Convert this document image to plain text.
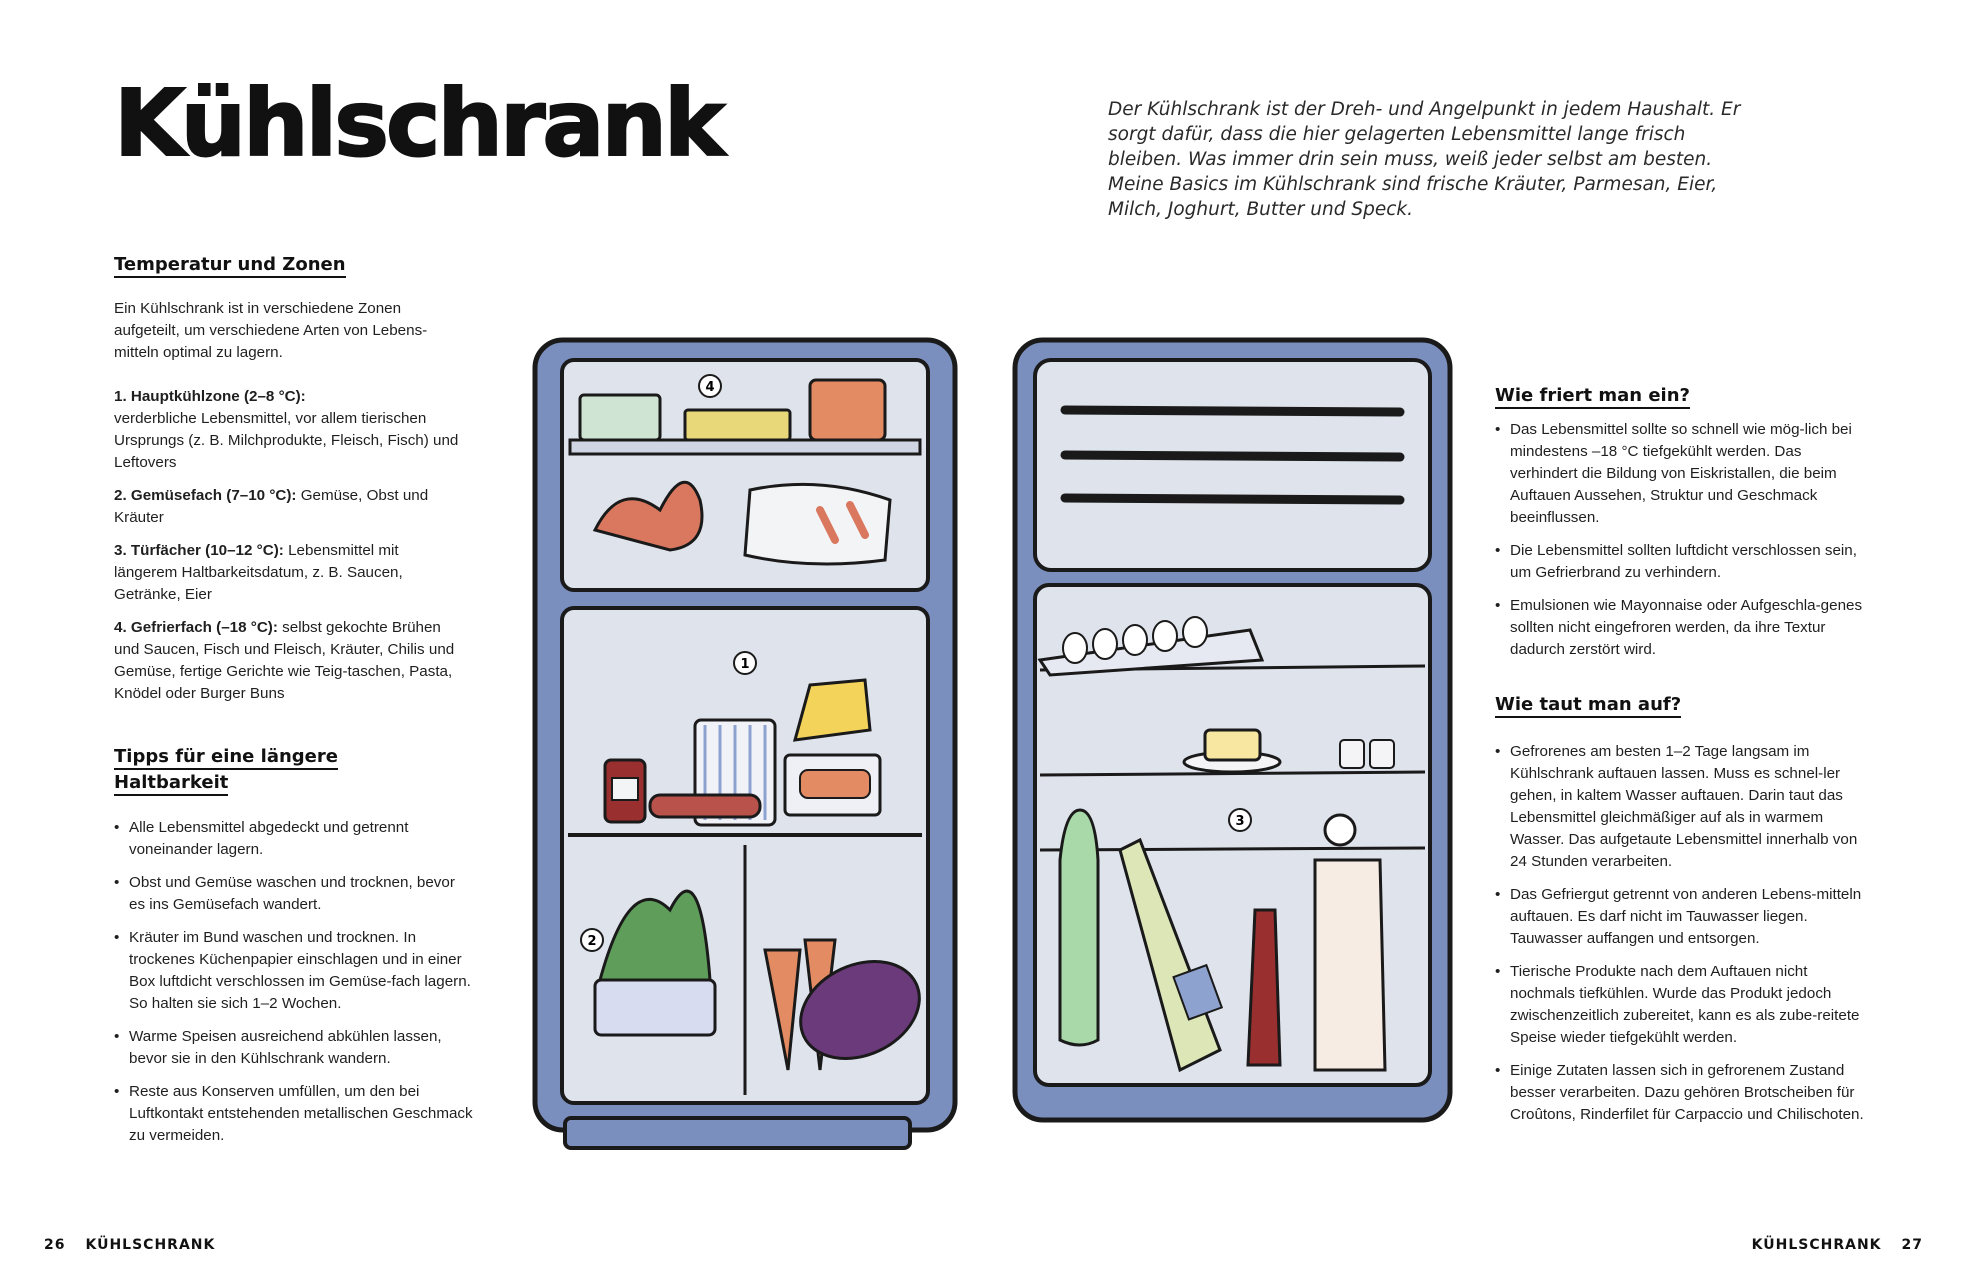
Kühlschrank	Der Kühlschrank ist der Dreh- und Angelpunkt in jedem Haushalt. Er sorgt dafür, dass die hier gelagerten Lebensmittel lange frisch bleiben. Was immer drin sein muss, weiß jeder selbst am besten. Meine Basics im Kühlschrank sind frische Kräuter, Parmesan, Eier, Milch, Joghurt, Butter und Speck.
Temperatur und Zonen
Ein Kühlschrank ist in verschiedene Zonen aufgeteilt, um verschiedene Arten von Lebens-mitteln optimal zu lagern.
1. Hauptkühlzone (2–8 °C):
verderbliche Lebensmittel, vor allem tierischen Ursprungs (z. B. Milchprodukte, Fleisch, Fisch) und Leftovers
2. Gemüsefach (7–10 °C): Gemüse, Obst und Kräuter
3. Türfächer (10–12 °C): Lebensmittel mit längerem Haltbarkeitsdatum, z. B. Saucen, Getränke, Eier
4. Gefrierfach (–18 °C): selbst gekochte Brühen und Saucen, Fisch und Fleisch, Kräuter, Chilis und Gemüse, fertige Gerichte wie Teig-taschen, Pasta, Knödel oder Burger Buns
Tipps für eine längere
Haltbarkeit
• Alle Lebensmittel abgedeckt und getrennt voneinander lagern.
• Obst und Gemüse waschen und trocknen, bevor es ins Gemüsefach wandert.
• Kräuter im Bund waschen und trocknen. In trockenes Küchenpapier einschlagen und in einer Box luftdicht verschlossen im Gemüse-fach lagern. So halten sie sich 1–2 Wochen.
• Warme Speisen ausreichend abkühlen lassen, bevor sie in den Kühlschrank wandern.
• Reste aus Konserven umfüllen, um den bei Luftkontakt entstehenden metallischen Geschmack zu vermeiden.
Wie friert man ein?
• Das Lebensmittel sollte so schnell wie mög-lich bei mindestens –18 °C tiefgekühlt werden. Das verhindert die Bildung von Eiskristallen, die beim Auftauen Aussehen, Struktur und Geschmack beeinflussen.
• Die Lebensmittel sollten luftdicht verschlossen sein, um Gefrierbrand zu verhindern.
• Emulsionen wie Mayonnaise oder Aufgeschla-genes sollten nicht eingefroren werden, da ihre Textur dadurch zerstört wird.
Wie taut man auf?
• Gefrorenes am besten 1–2 Tage langsam im Kühlschrank auftauen lassen. Muss es schnel-ler gehen, in kaltem Wasser auftauen. Darin taut das Lebensmittel gleichmäßiger auf als in warmem Wasser. Das aufgetaute Lebensmittel innerhalb von 24 Stunden verarbeiten.
• Das Gefriergut getrennt von anderen Lebens-mitteln auftauen. Es darf nicht im Tauwasser liegen. Tauwasser auffangen und entsorgen.
• Tierische Produkte nach dem Auftauen nicht nochmals tiefkühlen. Wurde das Produkt jedoch zwischenzeitlich zubereitet, kann es als zube-reitete Speise wieder tiefgekühlt werden.
• Einige Zutaten lassen sich in gefrorenem Zustand besser verarbeiten. Dazu gehören Brotscheiben für Croûtons, Rinderfilet für Carpaccio und Chilischoten.
4
1
2
3
26 KÜHLSCHRANK	KÜHLSCHRANK 27
